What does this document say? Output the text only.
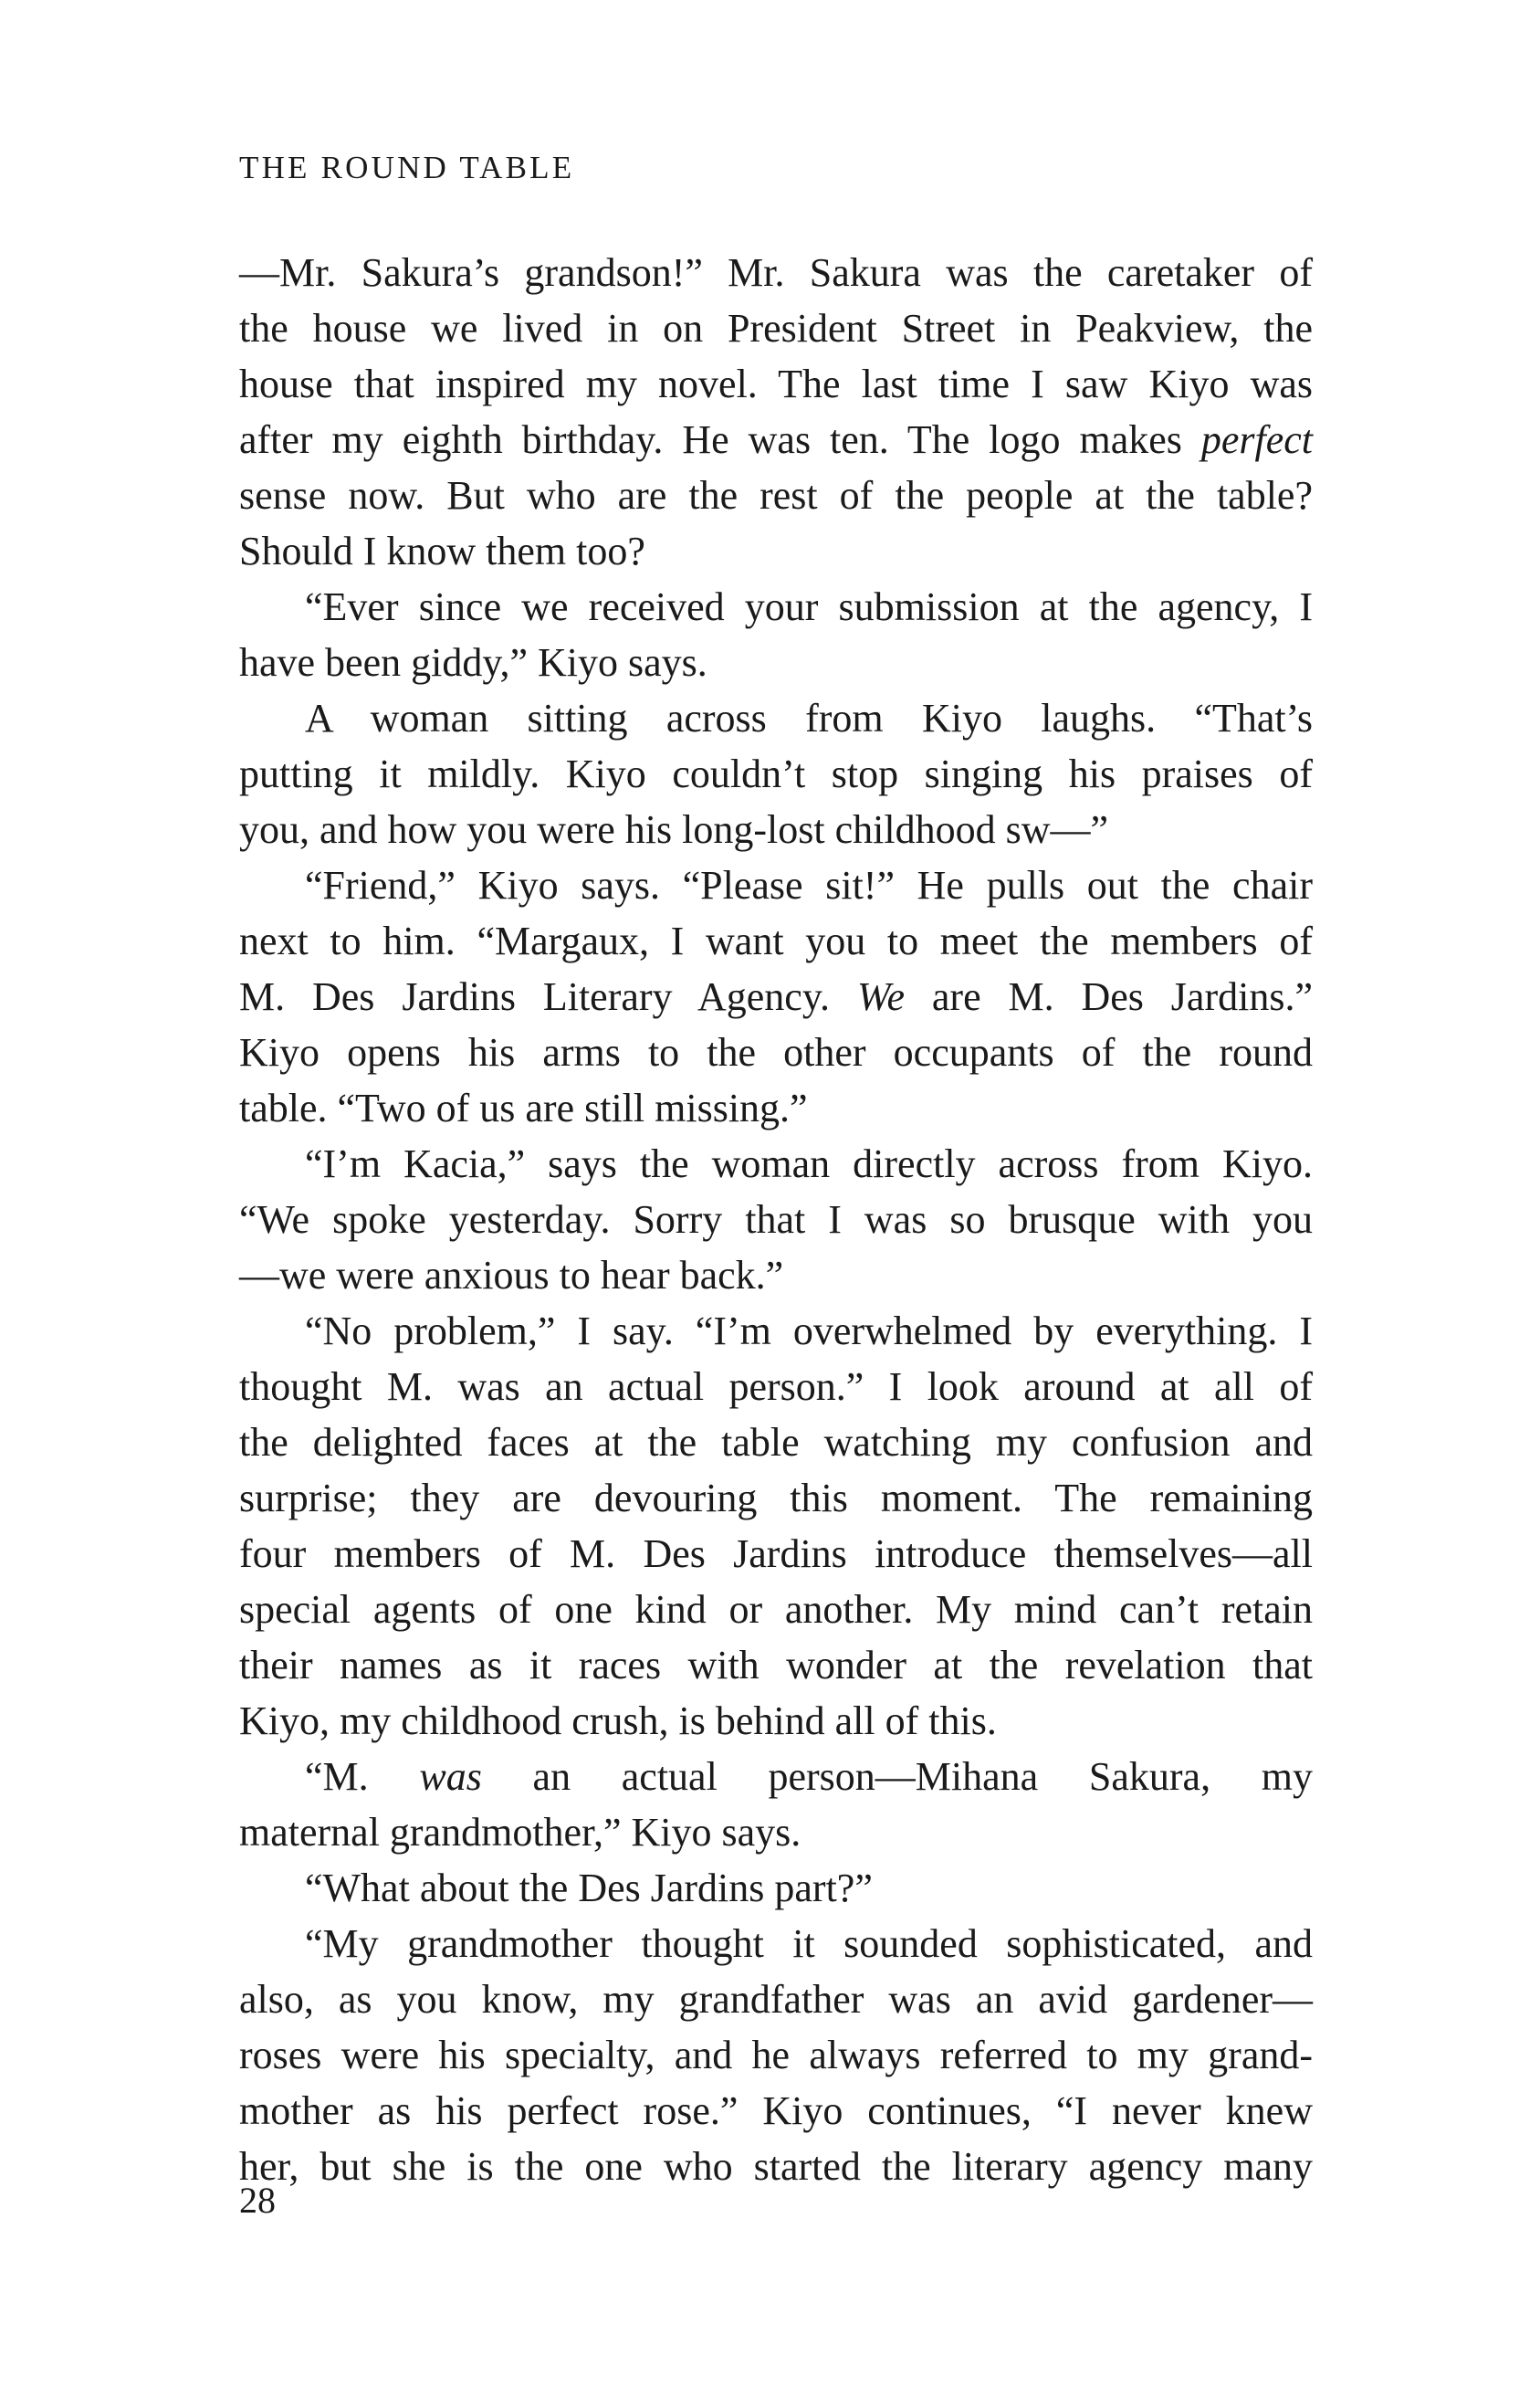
THE ROUND TABLE
—Mr. Sakura’s grandson!” Mr. Sakura was the caretaker of
the house we lived in on President Street in Peakview, the
house that inspired my novel. The last time I saw Kiyo was
after my eighth birthday. He was ten. The logo makes perfect
sense now. But who are the rest of the people at the table?
Should I know them too?
“Ever since we received your submission at the agency, I
have been giddy,” Kiyo says.
A woman sitting across from Kiyo laughs. “That’s
putting it mildly. Kiyo couldn’t stop singing his praises of
you, and how you were his long-lost childhood sw—”
“Friend,” Kiyo says. “Please sit!” He pulls out the chair
next to him. “Margaux, I want you to meet the members of
M. Des Jardins Literary Agency. We are M. Des Jardins.”
Kiyo opens his arms to the other occupants of the round
table. “Two of us are still missing.”
“I’m Kacia,” says the woman directly across from Kiyo.
“We spoke yesterday. Sorry that I was so brusque with you
—we were anxious to hear back.”
“No problem,” I say. “I’m overwhelmed by everything. I
thought M. was an actual person.” I look around at all of
the delighted faces at the table watching my confusion and
surprise; they are devouring this moment. The remaining
four members of M. Des Jardins introduce themselves—all
special agents of one kind or another. My mind can’t retain
their names as it races with wonder at the revelation that
Kiyo, my childhood crush, is behind all of this.
“M. was an actual person—Mihana Sakura, my
maternal grandmother,” Kiyo says.
“What about the Des Jardins part?”
“My grandmother thought it sounded sophisticated, and
also, as you know, my grandfather was an avid gardener—
roses were his specialty, and he always referred to my grand-
mother as his perfect rose.” Kiyo continues, “I never knew
her, but she is the one who started the literary agency many
28
